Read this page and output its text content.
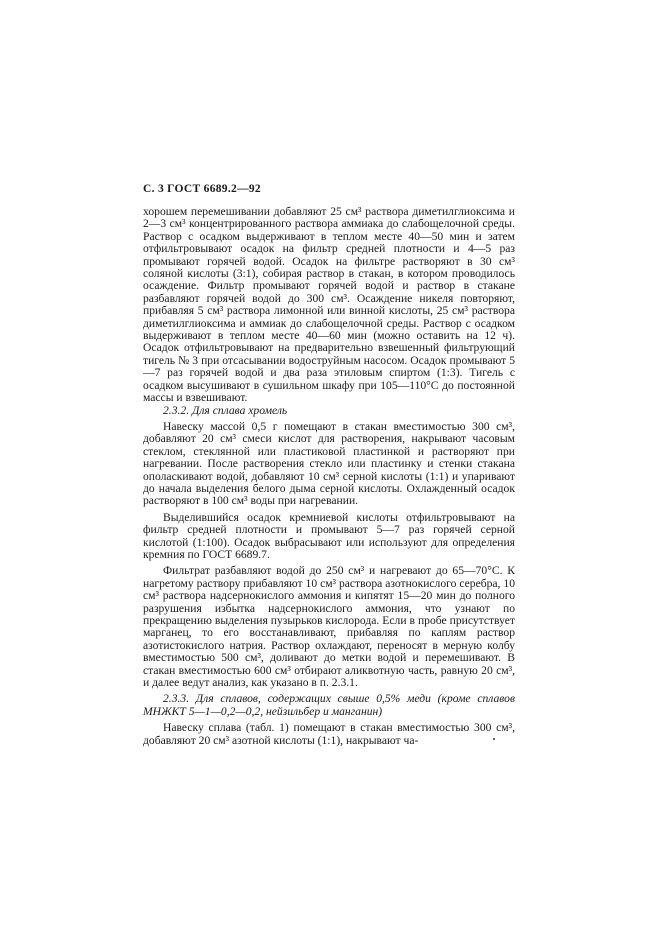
С. 3 ГОСТ 6689.2—92

хорошем перемешивании добавляют 25 см³ раствора диметилглиоксима и 2—3 см³ концентрированного раствора аммиака до слабощелочной среды. Раствор с осадком выдерживают в теплом месте 40—50 мин и затем отфильтровывают осадок на фильтр средней плотности и 4—5 раз промывают горячей водой. Осадок на фильтре растворяют в 30 см³ соляной кислоты (3:1), собирая раствор в стакан, в котором проводилось осаждение. Фильтр промывают горячей водой и раствор в стакане разбавляют горячей водой до 300 см³. Осаждение никеля повторяют, прибавляя 5 см³ раствора лимонной или винной кислоты, 25 см³ раствора диметилглиоксима и аммиак до слабощелочной среды. Раствор с осадком выдерживают в теплом месте 40—60 мин (можно оставить на 12 ч). Осадок отфильтровывают на предварительно взвешенный фильтрующий тигель № 3 при отсасывании водоструйным насосом. Осадок промывают 5—7 раз горячей водой и два раза этиловым спиртом (1:3). Тигель с осадком высушивают в сушильном шкафу при 105—110°С до постоянной массы и взвешивают.

2.3.2. Для сплава хромель

Навеску массой 0,5 г помещают в стакан вместимостью 300 см³, добавляют 20 см³ смеси кислот для растворения, накрывают часовым стеклом, стеклянной или пластиковой пластинкой и растворяют при нагревании. После растворения стекло или пластинку и стенки стакана ополаскивают водой, добавляют 10 см³ серной кислоты (1:1) и упаривают до начала выделения белого дыма серной кислоты. Охлажденный осадок растворяют в 100 см³ воды при нагревании.

Выделившийся осадок кремниевой кислоты отфильтровывают на фильтр средней плотности и промывают 5—7 раз горячей серной кислотой (1:100). Осадок выбрасывают или используют для определения кремния по ГОСТ 6689.7.

Фильтрат разбавляют водой до 250 см³ и нагревают до 65—70°С. К нагретому раствору прибавляют 10 см³ раствора азотнокислого серебра, 10 см³ раствора надсернокислого аммония и кипятят 15—20 мин до полного разрушения избытка надсернокислого аммония, что узнают по прекращению выделения пузырьков кислорода. Если в пробе присутствует марганец, то его восстанавливают, прибавляя по каплям раствор азотистокислого натрия. Раствор охлаждают, переносят в мерную колбу вместимостью 500 см³, доливают до метки водой и перемешивают. В стакан вместимостью 600 см³ отбирают аликвотную часть, равную 20 см³, и далее ведут анализ, как указано в п. 2.3.1.

2.3.3. Для сплавов, содержащих свыше 0,5% меди (кроме сплавов МНЖКТ 5—1—0,2—0,2, нейзильбер и манганин)

Навеску сплава (табл. 1) помещают в стакан вместимостью 300 см³, добавляют 20 см³ азотной кислоты (1:1), накрывают ча-
